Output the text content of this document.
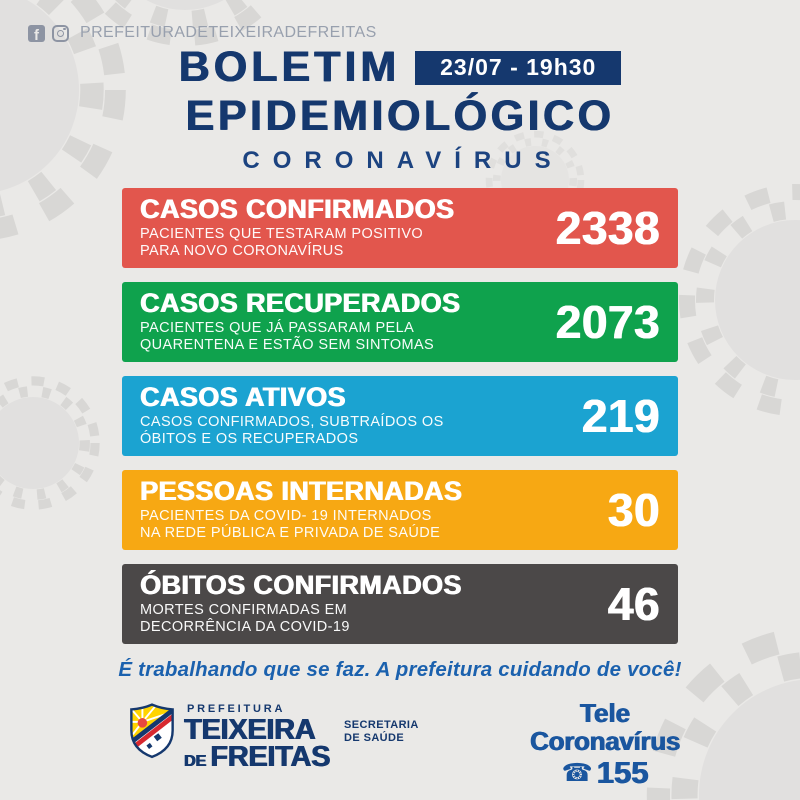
f	PREFEITURADETEIXEIRADEFREITAS
BOLETIM	23/07 - 19h30
EPIDEMIOLÓGICO
CORONAVÍRUS
CASOS CONFIRMADOS
PACIENTES QUE TESTARAM POSITIVO
PARA NOVO CORONAVÍRUS	2338
CASOS RECUPERADOS
PACIENTES QUE JÁ PASSARAM PELA
QUARENTENA E ESTÃO SEM SINTOMAS	2073
CASOS ATIVOS
CASOS CONFIRMADOS, SUBTRAÍDOS OS
ÓBITOS E OS RECUPERADOS	219
PESSOAS INTERNADAS
PACIENTES DA COVID- 19 INTERNADOS
NA REDE PÚBLICA E PRIVADA DE SAÚDE	30
ÓBITOS CONFIRMADOS
MORTES CONFIRMADAS EM
DECORRÊNCIA DA COVID-19	46
É trabalhando que se faz. A prefeitura cuidando de você!
PREFEITURA
TEIXEIRA
DE FREITAS
SECRETARIA
DE SAÚDE
Tele
Coronavírus
☎ 155
